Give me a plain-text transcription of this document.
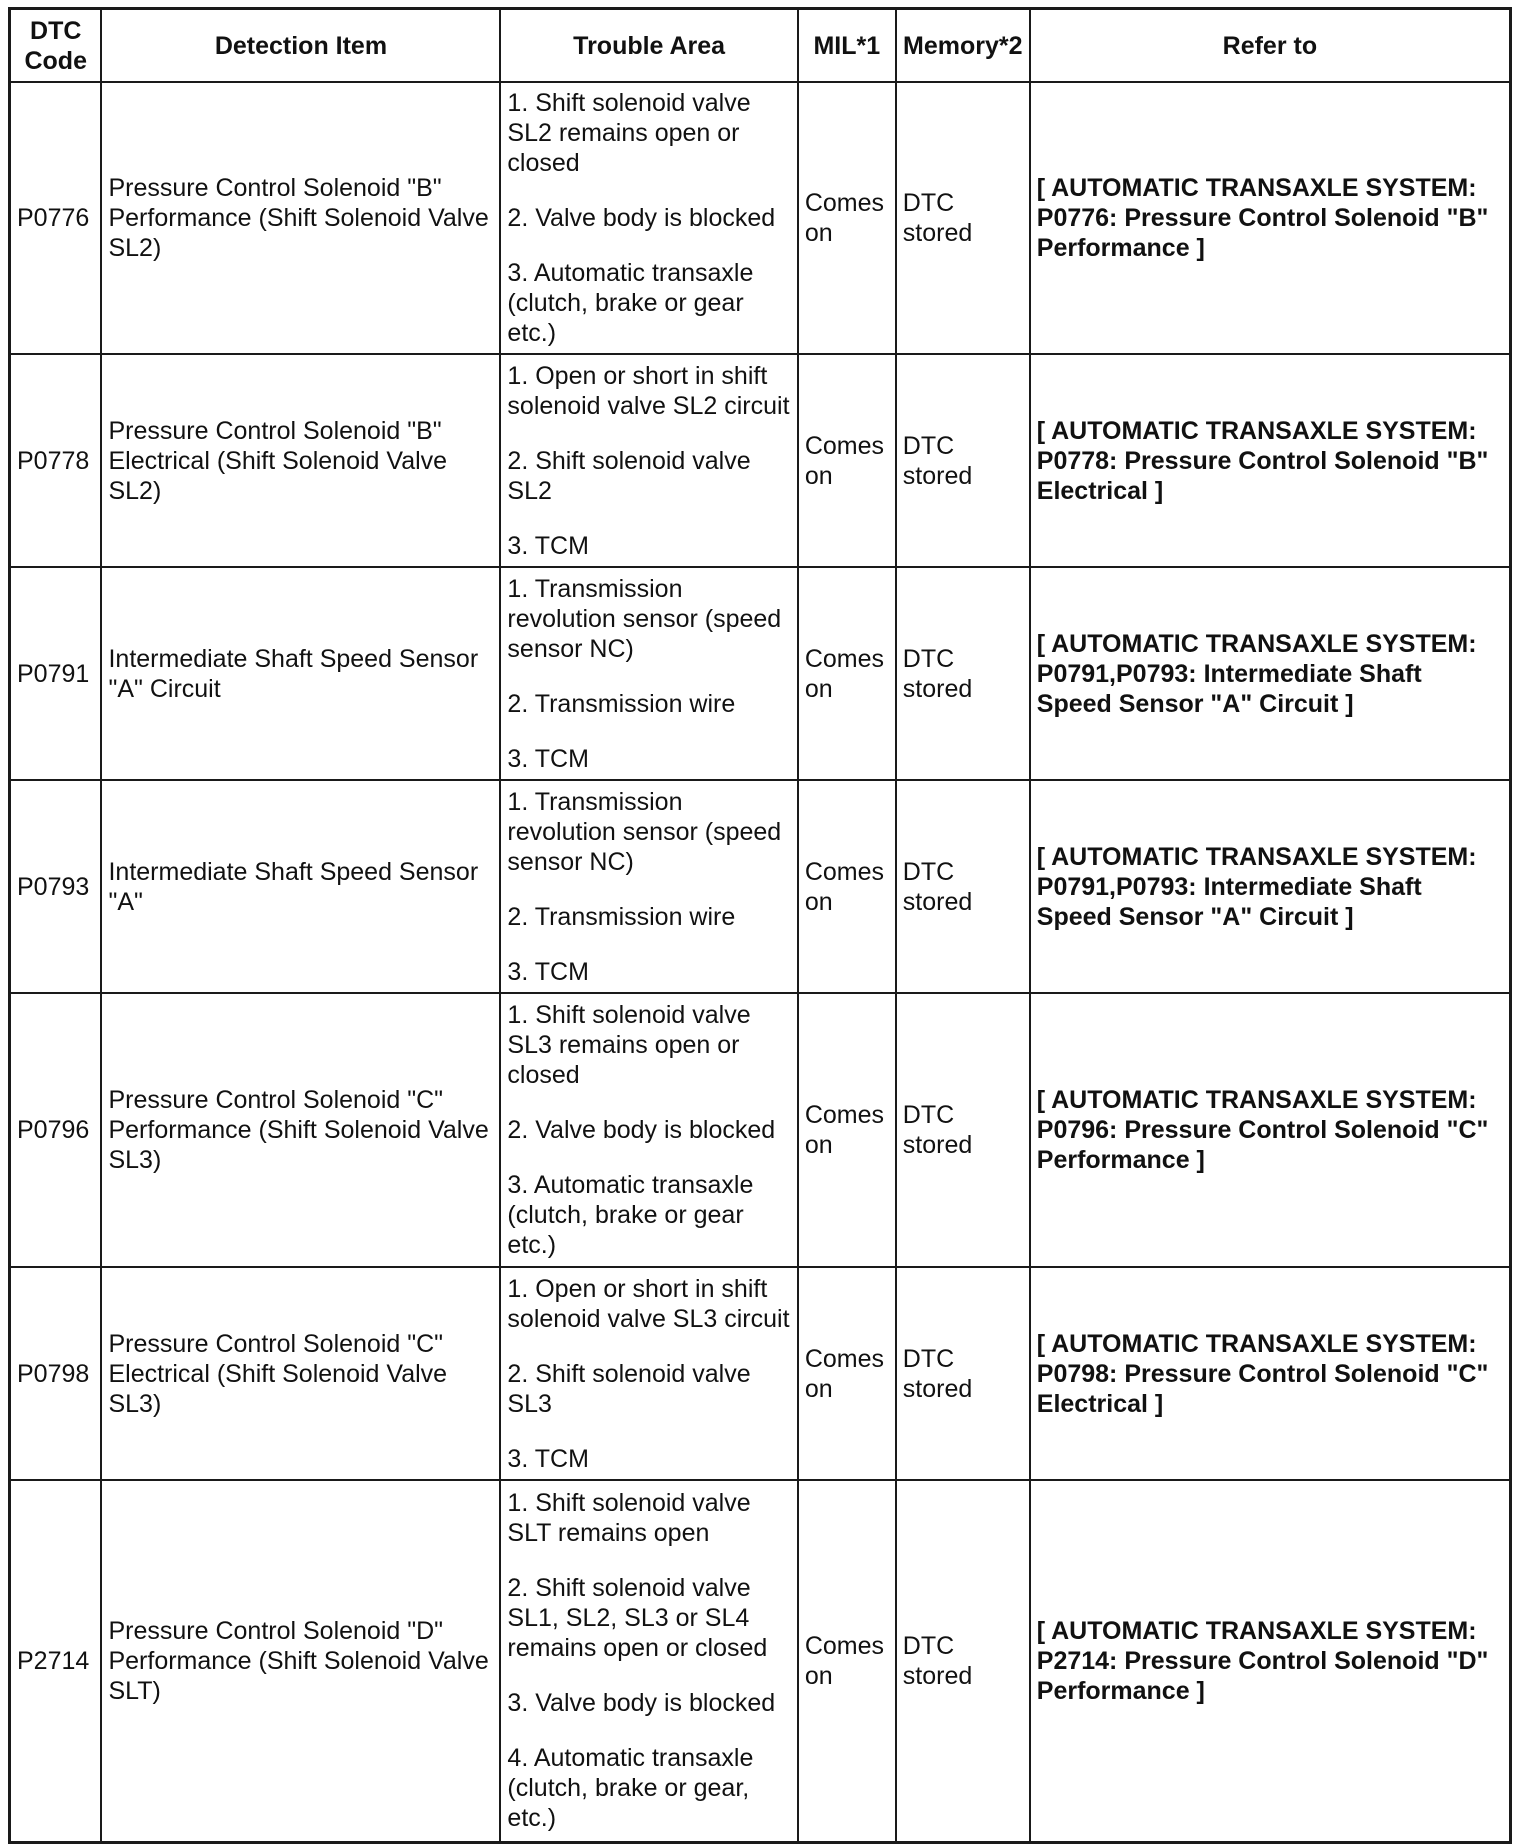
DTC
Code	Detection Item	Trouble Area	MIL*1	Memory*2	Refer to
P0776	Pressure Control Solenoid "B" Performance (Shift Solenoid Valve SL2)	1. Shift solenoid valve SL2 remains open or closed
2. Valve body is blocked
3. Automatic transaxle (clutch, brake or gear etc.)	Comes on	DTC stored	[ AUTOMATIC TRANSAXLE SYSTEM: P0776: Pressure Control Solenoid "B" Performance ]
P0778	Pressure Control Solenoid "B" Electrical (Shift Solenoid Valve SL2)	1. Open or short in shift solenoid valve SL2 circuit
2. Shift solenoid valve SL2
3. TCM	Comes on	DTC stored	[ AUTOMATIC TRANSAXLE SYSTEM: P0778: Pressure Control Solenoid "B" Electrical ]
P0791	Intermediate Shaft Speed Sensor "A" Circuit	1. Transmission revolution sensor (speed sensor NC)
2. Transmission wire
3. TCM	Comes on	DTC stored	[ AUTOMATIC TRANSAXLE SYSTEM: P0791,P0793: Intermediate Shaft Speed Sensor "A" Circuit ]
P0793	Intermediate Shaft Speed Sensor "A"	1. Transmission revolution sensor (speed sensor NC)
2. Transmission wire
3. TCM	Comes on	DTC stored	[ AUTOMATIC TRANSAXLE SYSTEM: P0791,P0793: Intermediate Shaft Speed Sensor "A" Circuit ]
P0796	Pressure Control Solenoid "C" Performance (Shift Solenoid Valve SL3)	1. Shift solenoid valve SL3 remains open or closed
2. Valve body is blocked
3. Automatic transaxle (clutch, brake or gear etc.)	Comes on	DTC stored	[ AUTOMATIC TRANSAXLE SYSTEM: P0796: Pressure Control Solenoid "C" Performance ]
P0798	Pressure Control Solenoid "C" Electrical (Shift Solenoid Valve SL3)	1. Open or short in shift solenoid valve SL3 circuit
2. Shift solenoid valve SL3
3. TCM	Comes on	DTC stored	[ AUTOMATIC TRANSAXLE SYSTEM: P0798: Pressure Control Solenoid "C" Electrical ]
P2714	Pressure Control Solenoid "D" Performance (Shift Solenoid Valve SLT)	1. Shift solenoid valve SLT remains open
2. Shift solenoid valve SL1, SL2, SL3 or SL4 remains open or closed
3. Valve body is blocked
4. Automatic transaxle (clutch, brake or gear, etc.)	Comes on	DTC stored	[ AUTOMATIC TRANSAXLE SYSTEM: P2714: Pressure Control Solenoid "D" Performance ]
